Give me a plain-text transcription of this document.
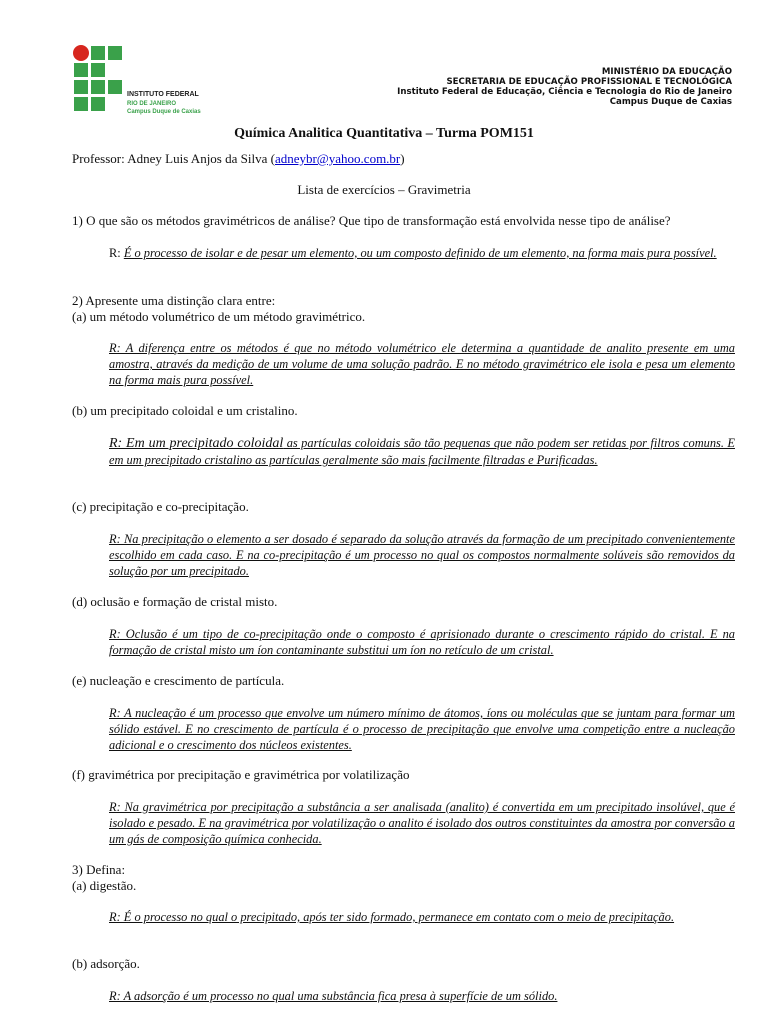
INSTITUTO FEDERAL
RIO DE JANEIRO
Campus Duque de Caxias
MINISTÉRIO DA EDUCAÇÃO
SECRETARIA DE EDUCAÇÃO PROFISSIONAL E TECNOLÓGICA
Instituto Federal de Educação, Ciência e Tecnologia do Rio de Janeiro
Campus Duque de Caxias
Química Analitica Quantitativa – Turma POM151
Professor: Adney Luis Anjos da Silva (adneybr@yahoo.com.br)
Lista de exercícios – Gravimetria
1) O que são os métodos gravimétricos de análise? Que tipo de transformação está envolvida nesse tipo de análise?
R: É o processo de isolar e de pesar um elemento, ou um composto definido de um elemento, na forma mais pura possível.
2) Apresente uma distinção clara entre:
(a) um método volumétrico de um método gravimétrico.
R: A diferença entre os métodos é que no método volumétrico ele determina a quantidade de analito presente em uma amostra, através da medição de um volume de uma solução padrão. E no método gravimétrico ele isola e pesa um elemento na forma mais pura possível.
(b) um precipitado coloidal e um cristalino.
R: Em um precipitado coloidal as partículas coloidais são tão pequenas que não podem ser retidas por filtros comuns. E em um precipitado cristalino as partículas geralmente são mais facilmente filtradas e Purificadas.
(c) precipitação e co-precipitação.
R: Na precipitação o elemento a ser dosado é separado da solução através da formação de um precipitado convenientemente escolhido em cada caso. E na co-precipitação é um processo no qual os compostos normalmente solúveis são removidos da solução por um precipitado.
(d) oclusão e formação de cristal misto.
R: Oclusão é um tipo de co-precipitação onde o composto é aprisionado durante o crescimento rápido do cristal. E na formação de cristal misto um íon contaminante substitui um íon no retículo de um cristal.
(e) nucleação e crescimento de partícula.
R: A nucleação é um processo que envolve um número mínimo de átomos, íons ou moléculas que se juntam para formar um sólido estável. E no crescimento de partícula é o processo de precipitação que envolve uma competição entre a nucleação adicional e o crescimento dos núcleos existentes.
(f) gravimétrica por precipitação e gravimétrica por volatilização
R: Na gravimétrica por precipitação a substância a ser analisada (analito) é convertida em um precipitado insolúvel, que é isolado e pesado. E na gravimétrica por volatilização o analito é isolado dos outros constituintes da amostra por conversão a um gás de composição química conhecida.
3) Defina:
(a) digestão.
R: É o processo no qual o precipitado, após ter sido formado, permanece em contato com o meio de precipitação.
(b) adsorção.
R: A adsorção é um processo no qual uma substância fica presa à superfície de um sólido.
